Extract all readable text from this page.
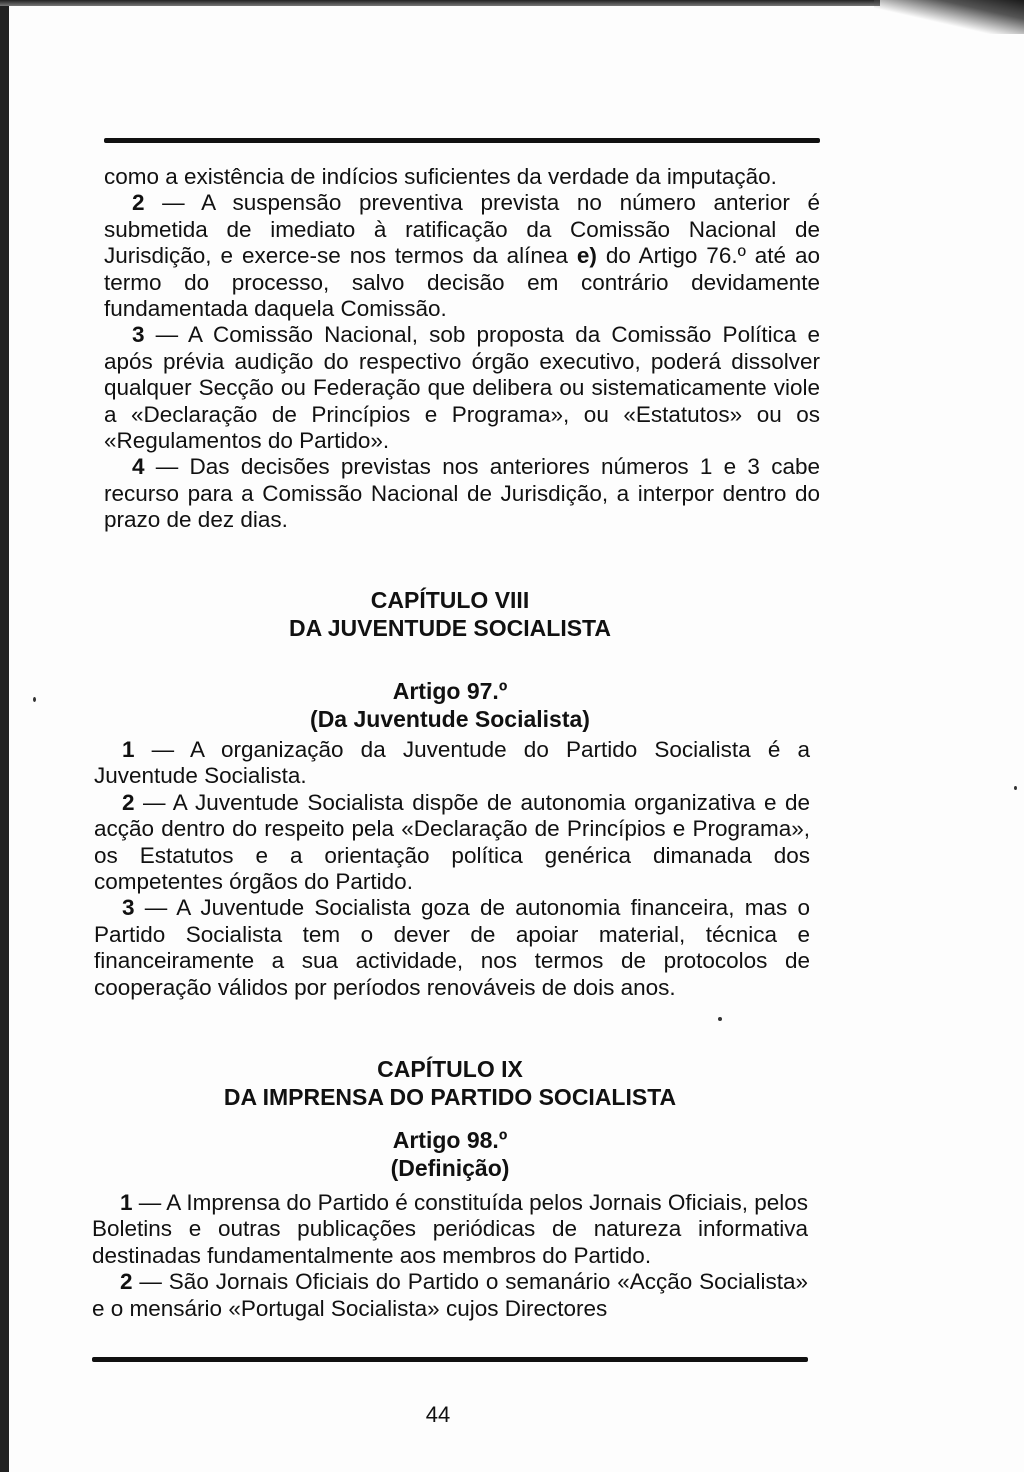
como a existência de indícios suficientes da verdade da imputação.

2 — A suspensão preventiva prevista no número anterior é submetida de imediato à ratificação da Comissão Nacional de Jurisdição, e exerce-se nos termos da alínea e) do Artigo 76.º até ao termo do processo, salvo decisão em contrário devidamente fundamentada daquela Comissão.

3 — A Comissão Nacional, sob proposta da Comissão Política e após prévia audição do respectivo órgão executivo, poderá dissolver qualquer Secção ou Federação que delibera ou sistematicamente viole a «Declaração de Princípios e Programa», ou «Estatutos» ou os «Regulamentos do Partido».

4 — Das decisões previstas nos anteriores números 1 e 3 cabe recurso para a Comissão Nacional de Jurisdição, a interpor dentro do prazo de dez dias.

CAPÍTULO VIII
DA JUVENTUDE SOCIALISTA
Artigo 97.º
(Da Juventude Socialista)

1 — A organização da Juventude do Partido Socialista é a Juventude Socialista.

2 — A Juventude Socialista dispõe de autonomia organizativa e de acção dentro do respeito pela «Declaração de Princípios e Programa», os Estatutos e a orientação política genérica dimanada dos competentes órgãos do Partido.

3 — A Juventude Socialista goza de autonomia financeira, mas o Partido Socialista tem o dever de apoiar material, técnica e financeiramente a sua actividade, nos termos de protocolos de cooperação válidos por períodos renováveis de dois anos.

CAPÍTULO IX
DA IMPRENSA DO PARTIDO SOCIALISTA
Artigo 98.º
(Definição)

1 — A Imprensa do Partido é constituída pelos Jornais Oficiais, pelos Boletins e outras publicações periódicas de natureza informativa destinadas fundamentalmente aos membros do Partido.

2 — São Jornais Oficiais do Partido o semanário «Acção Socialista» e o mensário «Portugal Socialista» cujos Directores

44
